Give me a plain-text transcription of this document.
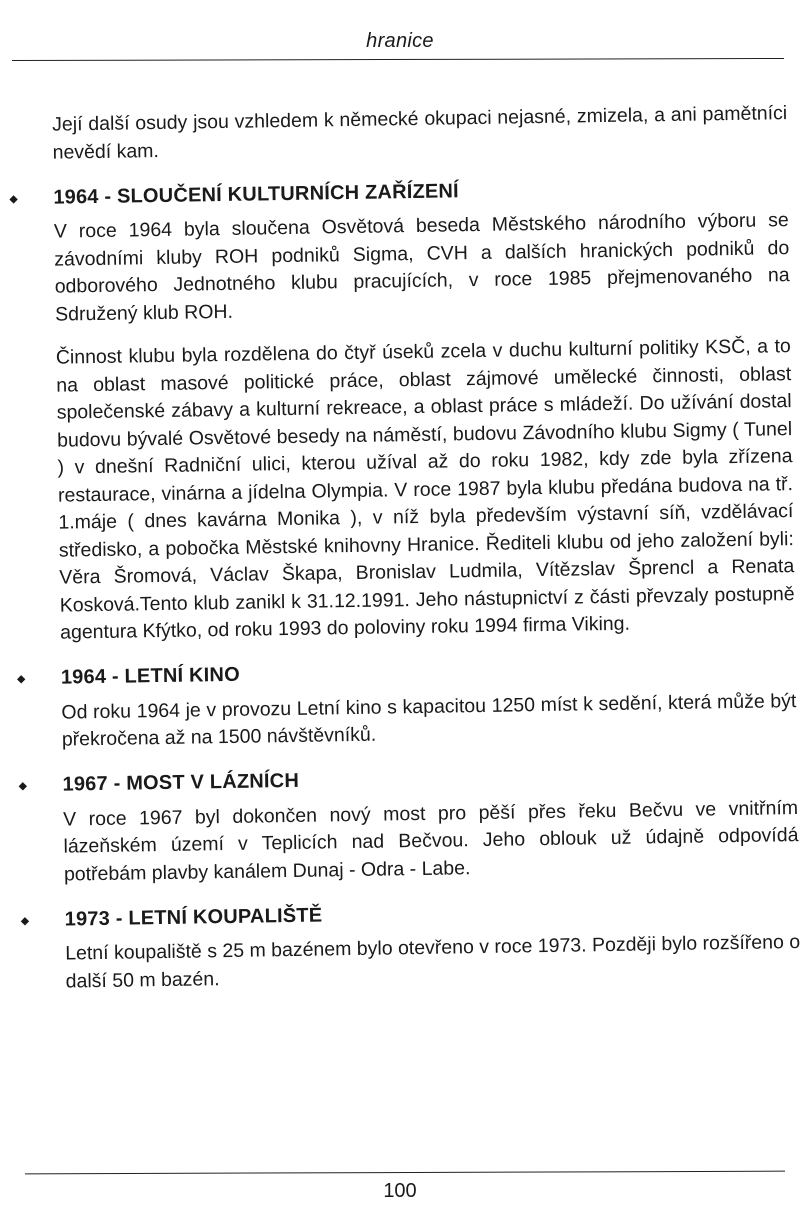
hranice

Její další osudy jsou vzhledem k německé okupaci nejasné, zmizela, a ani pamětníci nevědí kam.

◆	1964 - SLOUČENÍ KULTURNÍCH ZAŘÍZENÍ

V roce 1964 byla sloučena Osvětová beseda Městského národního výboru se závodními kluby ROH podniků Sigma, CVH a dalších hranických podniků do odborového Jednotného klubu pracujících, v roce 1985 přejmenovaného na Sdružený klub ROH.

Činnost klubu byla rozdělena do čtyř úseků zcela v duchu kulturní politiky KSČ, a to na oblast masové politické práce, oblast zájmové umělecké činnosti, oblast společenské zábavy a kulturní rekreace, a oblast práce s mládeží. Do užívání dostal budovu bývalé Osvětové besedy na náměstí, budovu Závodního klubu Sigmy ( Tunel ) v dnešní Radniční ulici, kterou užíval až do roku 1982, kdy zde byla zřízena restaurace, vinárna a jídelna Olympia. V roce 1987 byla klubu předána budova na tř. 1.máje ( dnes kavárna Monika ), v níž byla především výstavní síň, vzdělávací středisko, a pobočka Městské knihovny Hranice. Řediteli klubu od jeho založení byli: Věra Šromová, Václav Škapa, Bronislav Ludmila, Vítězslav Šprencl a Renata Kosková.Tento klub zanikl k 31.12.1991. Jeho nástupnictví z části převzaly postupně agentura Kfýtko, od roku 1993 do poloviny roku 1994 firma Viking.

◆	1964 - LETNÍ KINO

Od roku 1964 je v provozu Letní kino s kapacitou 1250 míst k sedění, která může být překročena až na 1500 návštěvníků.

◆	1967 - MOST V LÁZNÍCH

V roce 1967 byl dokončen nový most pro pěší přes řeku Bečvu ve vnitřním lázeňském území v Teplicích nad Bečvou. Jeho oblouk už údajně odpovídá potřebám plavby kanálem Dunaj - Odra - Labe.

◆	1973 - LETNÍ KOUPALIŠTĚ

Letní koupaliště s 25 m bazénem bylo otevřeno v roce 1973. Později bylo rozšířeno o další 50 m bazén.

100
